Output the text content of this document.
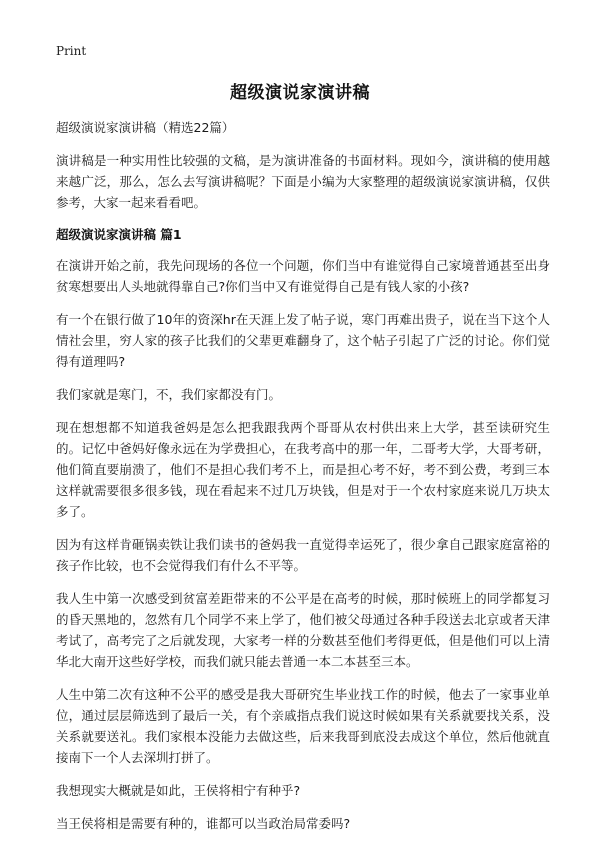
Print
超级演说家演讲稿

超级演说家演讲稿（精选22篇）

演讲稿是一种实用性比较强的文稿，是为演讲准备的书面材料。现如今，演讲稿的使用越来越广泛，那么，怎么去写演讲稿呢？下面是小编为大家整理的超级演说家演讲稿，仅供参考，大家一起来看看吧。

超级演说家演讲稿 篇1

在演讲开始之前，我先问现场的各位一个问题，你们当中有谁觉得自己家境普通甚至出身贫寒想要出人头地就得靠自己?你们当中又有谁觉得自己是有钱人家的小孩?

有一个在银行做了10年的资深hr在天涯上发了帖子说，寒门再难出贵子，说在当下这个人情社会里，穷人家的孩子比我们的父辈更难翻身了，这个帖子引起了广泛的讨论。你们觉得有道理吗?

我们家就是寒门，不，我们家都没有门。

现在想想都不知道我爸妈是怎么把我跟我两个哥哥从农村供出来上大学，甚至读研究生的。记忆中爸妈好像永远在为学费担心，在我考高中的那一年，二哥考大学，大哥考研，他们简直要崩溃了，他们不是担心我们考不上，而是担心考不好，考不到公费，考到三本这样就需要很多很多钱，现在看起来不过几万块钱，但是对于一个农村家庭来说几万块太多了。

因为有这样肯砸锅卖铁让我们读书的爸妈我一直觉得幸运死了，很少拿自己跟家庭富裕的孩子作比较，也不会觉得我们有什么不平等。

我人生中第一次感受到贫富差距带来的不公平是在高考的时候，那时候班上的同学都复习的昏天黑地的，忽然有几个同学不来上学了，他们被父母通过各种手段送去北京或者天津考试了，高考完了之后就发现，大家考一样的分数甚至他们考得更低，但是他们可以上清华北大南开这些好学校，而我们就只能去普通一本二本甚至三本。

人生中第二次有这种不公平的感受是我大哥研究生毕业找工作的时候，他去了一家事业单位，通过层层筛选到了最后一关，有个亲戚指点我们说这时候如果有关系就要找关系，没关系就要送礼。我们家根本没能力去做这些，后来我哥到底没去成这个单位，然后他就直接南下一个人去深圳打拼了。

我想现实大概就是如此，王侯将相宁有种乎?

当王侯将相是需要有种的，谁都可以当政治局常委吗?
